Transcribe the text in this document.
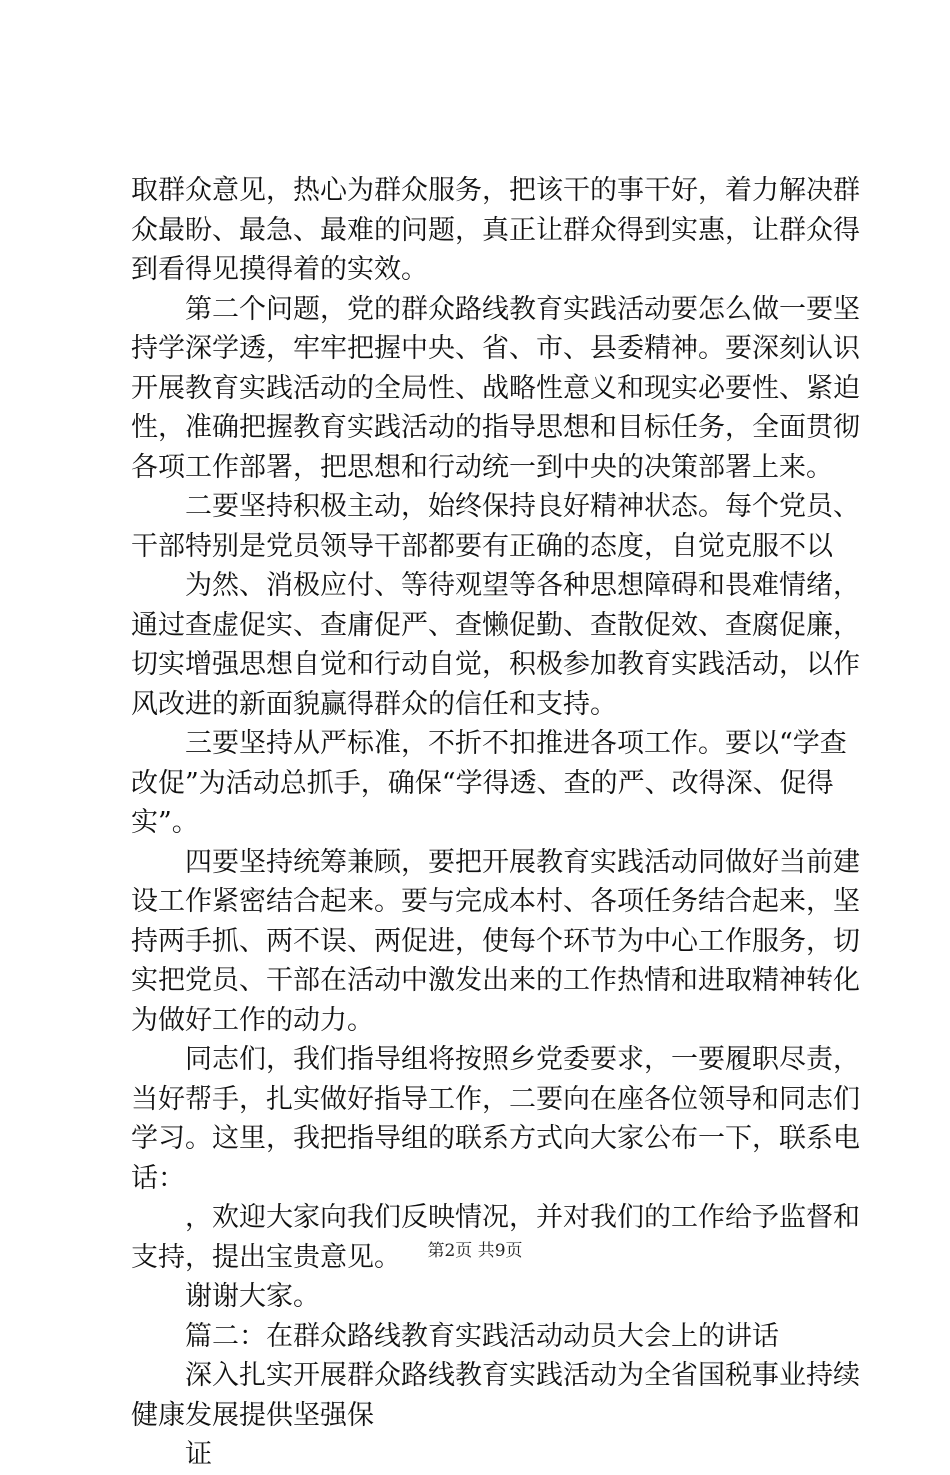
取群众意见，热心为群众服务，把该干的事干好，着力解决群
众最盼、最急、最难的问题，真正让群众得到实惠，让群众得
到看得见摸得着的实效。
第二个问题，党的群众路线教育实践活动要怎么做一要坚
持学深学透，牢牢把握中央、省、市、县委精神。要深刻认识
开展教育实践活动的全局性、战略性意义和现实必要性、紧迫
性，准确把握教育实践活动的指导思想和目标任务，全面贯彻
各项工作部署，把思想和行动统一到中央的决策部署上来。
二要坚持积极主动，始终保持良好精神状态。每个党员、
干部特别是党员领导干部都要有正确的态度，自觉克服不以
为然、消极应付、等待观望等各种思想障碍和畏难情绪，
通过查虚促实、查庸促严、查懒促勤、查散促效、查腐促廉，
切实增强思想自觉和行动自觉，积极参加教育实践活动，以作
风改进的新面貌赢得群众的信任和支持。
三要坚持从严标准，不折不扣推进各项工作。要以“学查
改促”为活动总抓手，确保“学得透、查的严、改得深、促得
实”。
四要坚持统筹兼顾，要把开展教育实践活动同做好当前建
设工作紧密结合起来。要与完成本村、各项任务结合起来，坚
持两手抓、两不误、两促进，使每个环节为中心工作服务，切
实把党员、干部在活动中激发出来的工作热情和进取精神转化
为做好工作的动力。
同志们，我们指导组将按照乡党委要求，一要履职尽责，
当好帮手，扎实做好指导工作，二要向在座各位领导和同志们
学习。这里，我把指导组的联系方式向大家公布一下，联系电
话：
，欢迎大家向我们反映情况，并对我们的工作给予监督和
支持，提出宝贵意见。
谢谢大家。
篇二：在群众路线教育实践活动动员大会上的讲话
深入扎实开展群众路线教育实践活动为全省国税事业持续
健康发展提供坚强保
证
第2页 共9页
